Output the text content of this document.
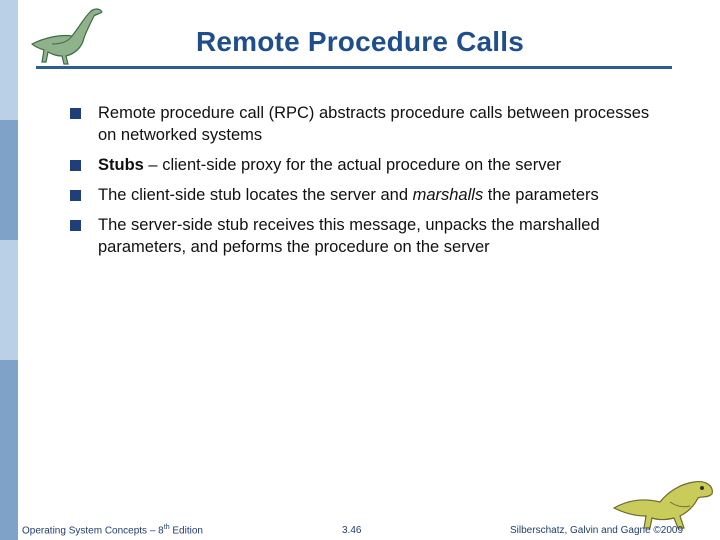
Remote Procedure Calls
Remote procedure call (RPC) abstracts procedure calls between processes
on networked systems
Stubs – client-side proxy for the actual procedure on the server
The client-side stub locates the server and marshalls the parameters
The server-side stub receives this message, unpacks the marshalled
parameters, and peforms the procedure on the server
Operating System Concepts – 8th Edition	3.46	Silberschatz, Galvin and Gagne ©2009
